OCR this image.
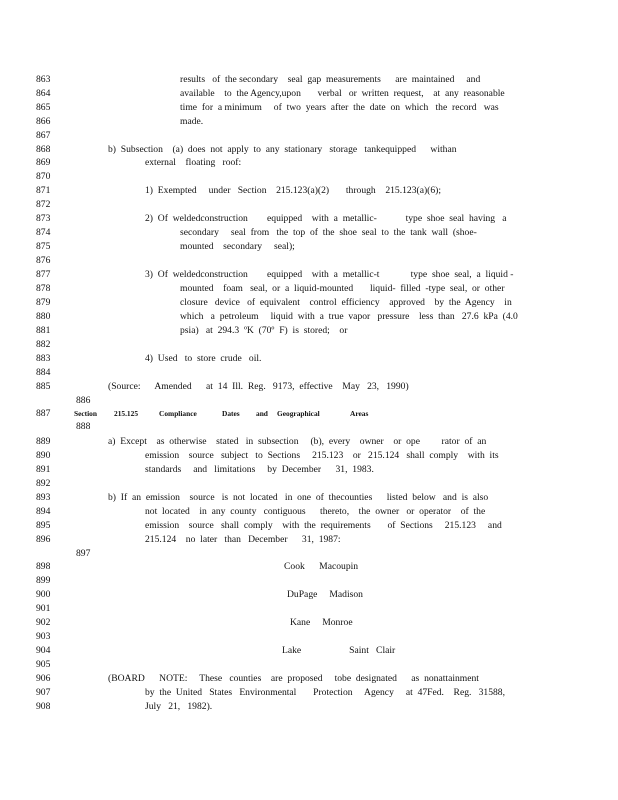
863	results   of  the secondary    seal  gap  measurements      are  maintained     and
864	available    to  the Agency,upon       verbal   or  written  request,    at  any  reasonable
865	time  for  a minimum     of  two  years  after  the  date  on  which   the  record   was
866	made.
867
868	b)  Subsection    (a)  does  not  apply  to  any  stationary   storage   tankequipped      withan
869	external    floating   roof:
870
871	1)  Exempted     under   Section    215.123(a)(2)       through    215.123(a)(6);
872
873	2)  Of  weldedconstruction        equipped    with  a  metallic-            type  shoe  seal  having   a
874	secondary     seal  from   the  top  of  the  shoe  seal  to  the  tank  wall  (shoe-
875	mounted    secondary     seal);
876
877	3)  Of  weldedconstruction        equipped    with  a  metallic-t             type  shoe  seal,  a  liquid -
878	mounted    foam   seal,  or  a  liquid-mounted       liquid-  filled  -type  seal,  or  other
879	closure   device   of  equivalent    control  efficiency    approved    by  the  Agency    in
880	which   a  petroleum     liquid  with  a  true  vapor   pressure    less  than   27.6  kPa  (4.0
881	psia)   at  294.3  ºK  (70º  F)  is  stored;    or
882
883	4)  Used   to  store  crude   oil.
884
885	(Source:      Amended      at  14  Ill.  Reg.   9173,  effective    May   23,   1990)
887
889	a)  Except    as  otherwise    stated   in  subsection     (b),  every    owner    or  ope         rator  of  an
890	emission    source   subject   to  Sections     215.123    or   215.124   shall  comply    with  its
891	standards     and   limitations     by  December      31,  1983.
892
893	b)  If  an  emission    source   is  not  located   in  one  of  thecounties      listed  below   and  is  also
894	not  located    in  any  county   contiguous      thereto,    the  owner   or  operator    of  the
895	emission    source   shall  comply    with  the  requirements       of  Sections     215.123     and
896	215.124    no  later   than   December      31,  1987:
898	Cook      Macoupin
899
900	DuPage     Madison
901
902	Kane     Monroe
903
904	Lake                    Saint   Clair
905
906	(BOARD      NOTE:     These   counties    are  proposed     tobe  designated      as  nonattainment
907	by  the  United   States   Environmental       Protection     Agency     at  47Fed.    Reg.   31588,
908	July   21,   1982).
886
888
897
Section 215.125	Compliance	Dates and Geographical	Areas
